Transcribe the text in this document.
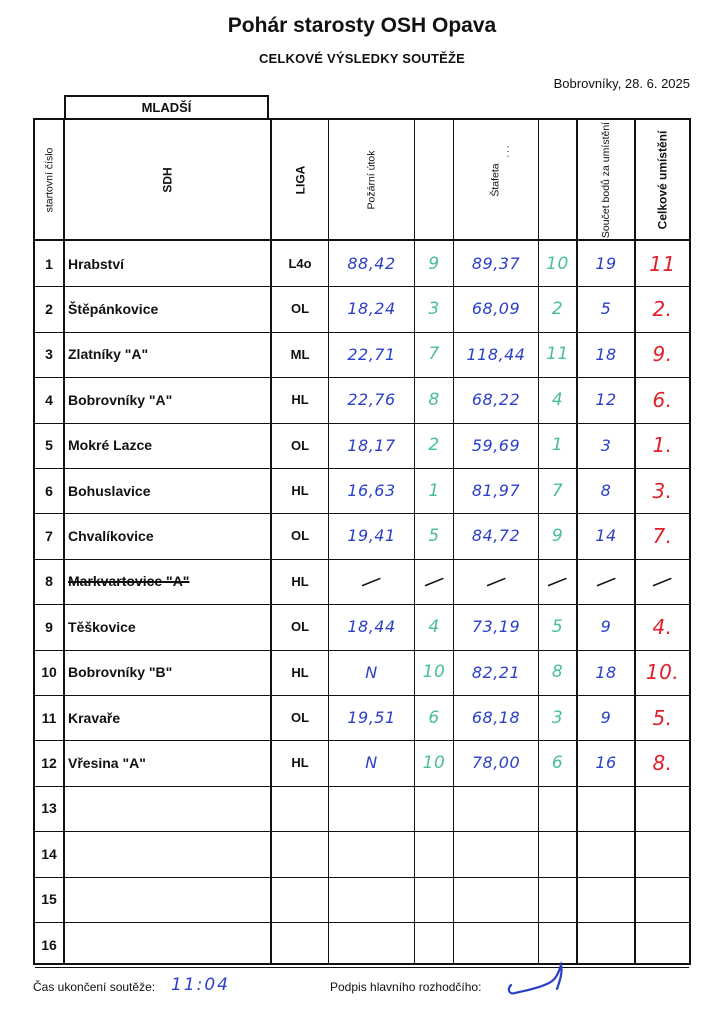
Pohár starosty OSH Opava
CELKOVÉ VÝSLEDKY SOUTĚŽE
Bobrovníky, 28. 6. 2025
MLADŠÍ
startovní číslo	SDH	LIGA	Požární útok	Štafeta
...	Součet bodů za umístění	Celkové umístění
1	Hrabství	L4o	88,42	9	89,37	10	19	11
2	Štěpánkovice	OL	18,24	3	68,09	2	5	2.
3	Zlatníky "A"	ML	22,71	7	118,44	11	18	9.
4	Bobrovníky "A"	HL	22,76	8	68,22	4	12	6.
5	Mokré Lazce	OL	18,17	2	59,69	1	3	1.
6	Bohuslavice	HL	16,63	1	81,97	7	8	3.
7	Chvalíkovice	OL	19,41	5	84,72	9	14	7.
8	Markvartovice "A"	HL	— — — — — —
9	Těškovice	OL	18,44	4	73,19	5	9	4.
10 Bobrovníky "B"	HL	N	10	82,21	8	18	10.
11 Kravaře	OL	19,51	6	68,18	3	9	5.
12 Vřesina "A"	HL	N	10	78,00	6	16	8.
13
14
15
16
Čas ukončení soutěže: 11:04	Podpis hlavního rozhodčího:
